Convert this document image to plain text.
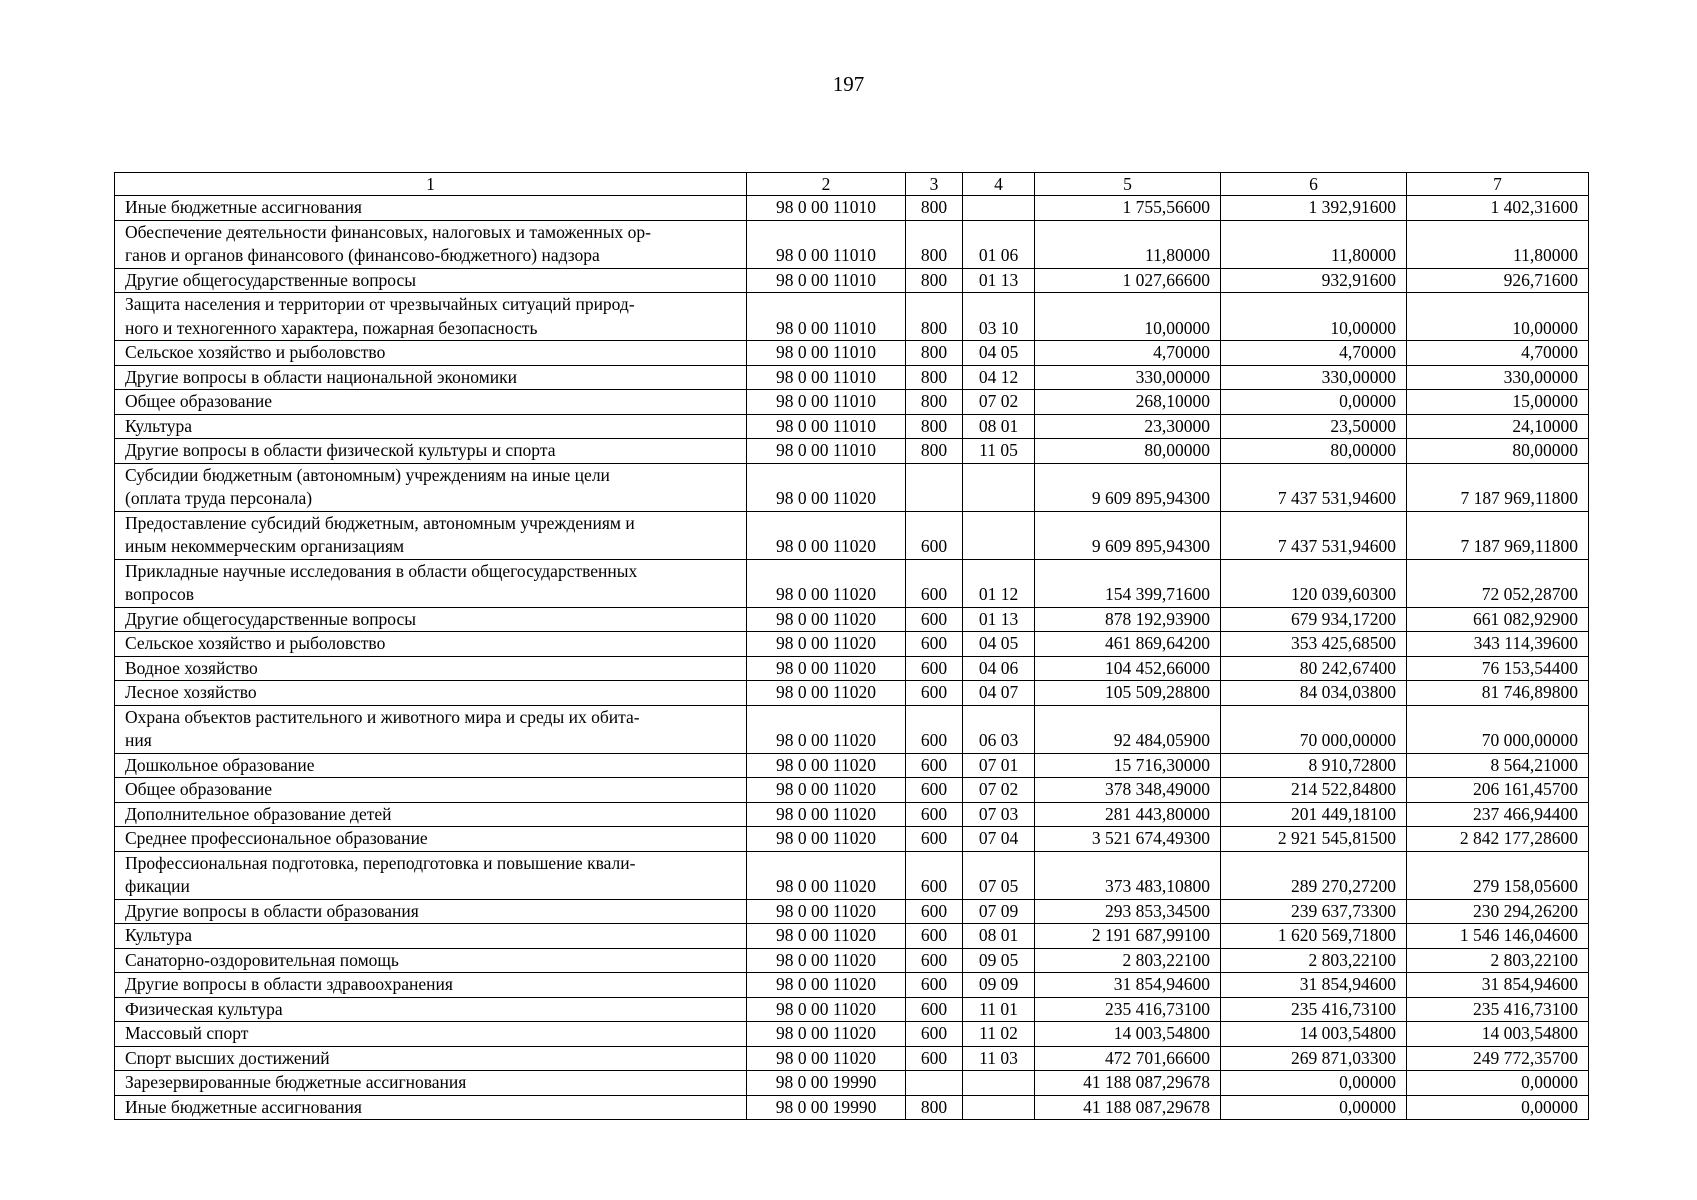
197
1	2	3	4	5	6	7

Иные бюджетные ассигнования	98 0 00 11010	800		1 755,56600	1 392,91600	1 402,31600

Обеспечение деятельности финансовых, налоговых и таможенных ор-
ганов и органов финансового (финансово-бюджетного) надзора	98 0 00 11010	800	01 06	11,80000	11,80000	11,80000

Другие общегосударственные вопросы	98 0 00 11010	800	01 13	1 027,66600	932,91600	926,71600

Защита населения и территории от чрезвычайных ситуаций природ-
ного и техногенного характера, пожарная безопасность	98 0 00 11010	800	03 10	10,00000	10,00000	10,00000

Сельское хозяйство и рыболовство	98 0 00 11010	800	04 05	4,70000	4,70000	4,70000

Другие вопросы в области национальной экономики	98 0 00 11010	800	04 12	330,00000	330,00000	330,00000

Общее образование	98 0 00 11010	800	07 02	268,10000	0,00000	15,00000

Культура	98 0 00 11010	800	08 01	23,30000	23,50000	24,10000

Другие вопросы в области физической культуры и спорта	98 0 00 11010	800	11 05	80,00000	80,00000	80,00000

Субсидии бюджетным (автономным) учреждениям на иные цели
(оплата труда персонала)	98 0 00 11020			9 609 895,94300	7 437 531,94600	7 187 969,11800

Предоставление субсидий бюджетным, автономным учреждениям и
иным некоммерческим организациям	98 0 00 11020	600		9 609 895,94300	7 437 531,94600	7 187 969,11800

Прикладные научные исследования в области общегосударственных
вопросов	98 0 00 11020	600	01 12	154 399,71600	120 039,60300	72 052,28700

Другие общегосударственные вопросы	98 0 00 11020	600	01 13	878 192,93900	679 934,17200	661 082,92900

Сельское хозяйство и рыболовство	98 0 00 11020	600	04 05	461 869,64200	353 425,68500	343 114,39600

Водное хозяйство	98 0 00 11020	600	04 06	104 452,66000	80 242,67400	76 153,54400

Лесное хозяйство	98 0 00 11020	600	04 07	105 509,28800	84 034,03800	81 746,89800

Охрана объектов растительного и животного мира и среды их обита-
ния	98 0 00 11020	600	06 03	92 484,05900	70 000,00000	70 000,00000

Дошкольное образование	98 0 00 11020	600	07 01	15 716,30000	8 910,72800	8 564,21000

Общее образование	98 0 00 11020	600	07 02	378 348,49000	214 522,84800	206 161,45700

Дополнительное образование детей	98 0 00 11020	600	07 03	281 443,80000	201 449,18100	237 466,94400

Среднее профессиональное образование	98 0 00 11020	600	07 04	3 521 674,49300	2 921 545,81500	2 842 177,28600

Профессиональная подготовка, переподготовка и повышение квали-
фикации	98 0 00 11020	600	07 05	373 483,10800	289 270,27200	279 158,05600

Другие вопросы в области образования	98 0 00 11020	600	07 09	293 853,34500	239 637,73300	230 294,26200

Культура	98 0 00 11020	600	08 01	2 191 687,99100	1 620 569,71800	1 546 146,04600

Санаторно-оздоровительная помощь	98 0 00 11020	600	09 05	2 803,22100	2 803,22100	2 803,22100

Другие вопросы в области здравоохранения	98 0 00 11020	600	09 09	31 854,94600	31 854,94600	31 854,94600

Физическая культура	98 0 00 11020	600	11 01	235 416,73100	235 416,73100	235 416,73100

Массовый спорт	98 0 00 11020	600	11 02	14 003,54800	14 003,54800	14 003,54800

Спорт высших достижений	98 0 00 11020	600	11 03	472 701,66600	269 871,03300	249 772,35700

Зарезервированные бюджетные ассигнования	98 0 00 19990			41 188 087,29678	0,00000	0,00000

Иные бюджетные ассигнования	98 0 00 19990	800		41 188 087,29678	0,00000	0,00000
